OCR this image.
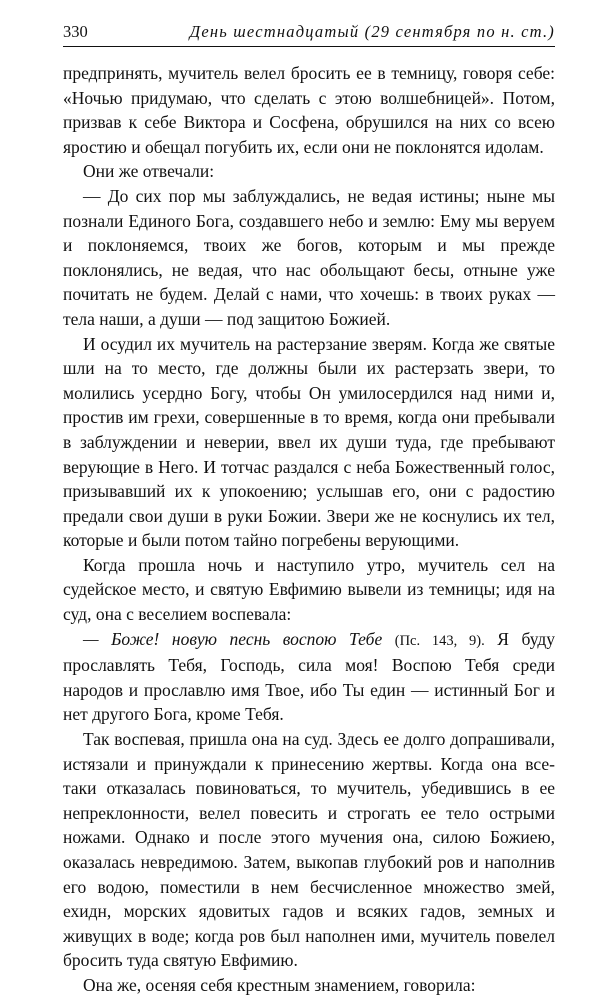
330	День шестнадцатый (29 сентября по н. ст.)

предпринять, мучитель велел бросить ее в темницу, говоря себе: «Ночью придумаю, что сделать с этою волшебницей». Потом, призвав к себе Виктора и Сосфена, обрушился на них со всею яростию и обещал погубить их, если они не поклонятся идолам.

Они же отвечали:

— До сих пор мы заблуждались, не ведая истины; ныне мы познали Единого Бога, создавшего небо и землю: Ему мы веруем и поклоняемся, твоих же богов, которым и мы прежде поклонялись, не ведая, что нас обольщают бесы, отныне уже почитать не будем. Делай с нами, что хочешь: в твоих руках — тела наши, а души — под защитою Божией.

И осудил их мучитель на растерзание зверям. Когда же святые шли на то место, где должны были их растерзать звери, то молились усердно Богу, чтобы Он умилосердился над ними и, простив им грехи, совершенные в то время, когда они пребывали в заблуждении и неверии, ввел их души туда, где пребывают верующие в Него. И тотчас раздался с неба Божественный голос, призывавший их к упокоению; услышав его, они с радостию предали свои души в руки Божии. Звери же не коснулись их тел, которые и были потом тайно погребены верующими.

Когда прошла ночь и наступило утро, мучитель сел на судейское место, и святую Евфимию вывели из темницы; идя на суд, она с веселием воспевала:

— Боже! новую песнь воспою Тебе (Пс. 143, 9). Я буду прославлять Тебя, Господь, сила моя! Воспою Тебя среди народов и прославлю имя Твое, ибо Ты един — истинный Бог и нет другого Бога, кроме Тебя.

Так воспевая, пришла она на суд. Здесь ее долго допрашивали, истязали и принуждали к принесению жертвы. Когда она все-таки отказалась повиноваться, то мучитель, убедившись в ее непреклонности, велел повесить и строгать ее тело острыми ножами. Однако и после этого мучения она, силою Божиею, оказалась невредимою. Затем, выкопав глубокий ров и наполнив его водою, поместили в нем бесчисленное множество змей, ехидн, морских ядовитых гадов и всяких гадов, земных и живущих в воде; когда ров был наполнен ими, мучитель повелел бросить туда святую Евфимию.

Она же, осеняя себя крестным знамением, говорила:
